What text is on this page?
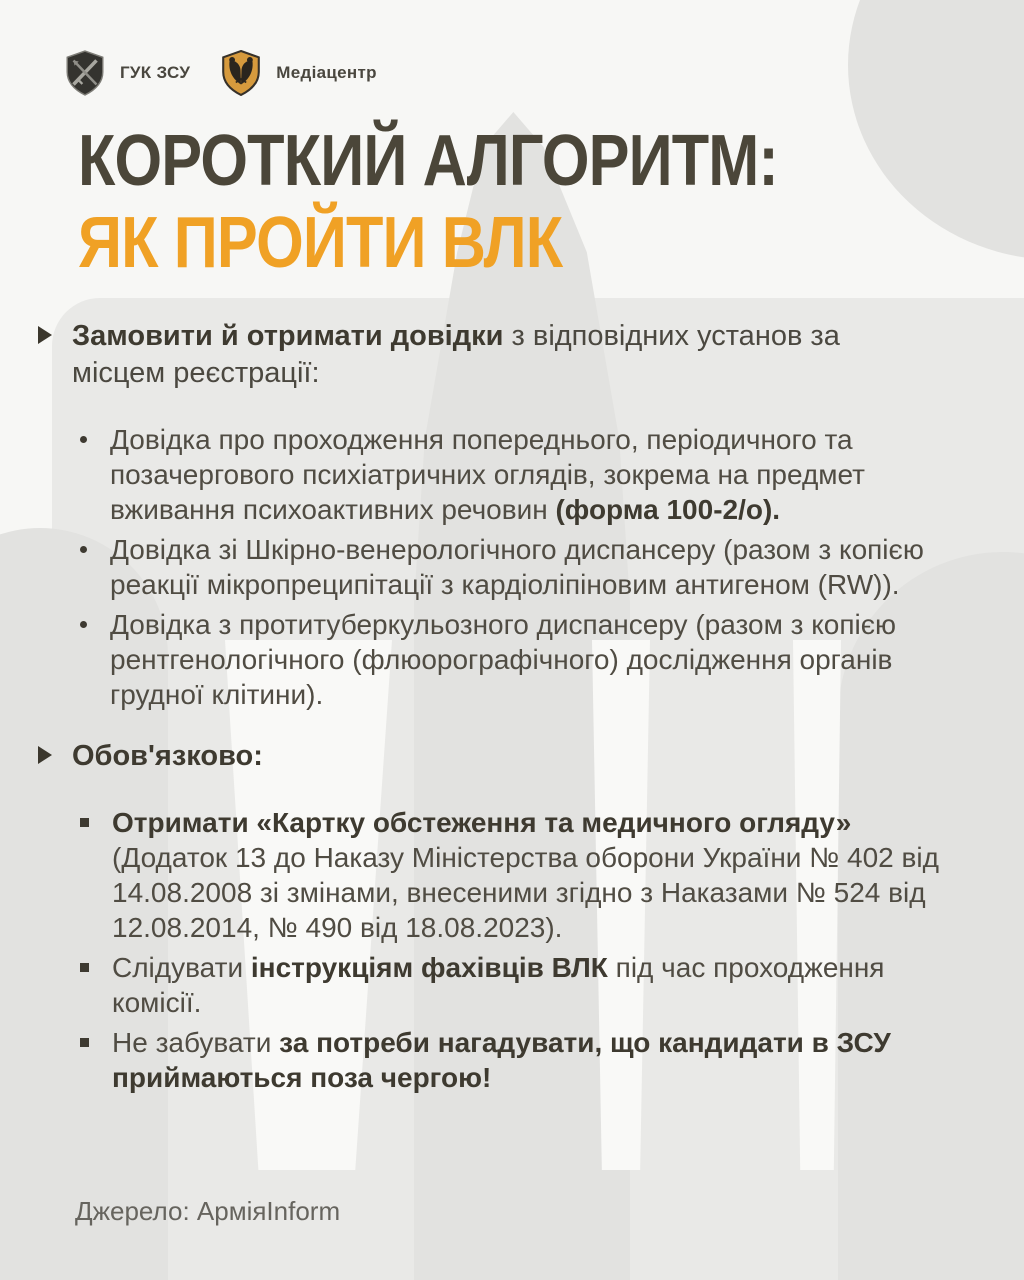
ГУК ЗСУ	Медіацентр
КОРОТКИЙ АЛГОРИТМ:
ЯК ПРОЙТИ ВЛК
Замовити й отримати довідки з відповідних установ за місцем реєстрації:
Довідка про проходження попереднього, періодичного та позачергового психіатричних оглядів, зокрема на предмет вживання психоактивних речовин (форма 100-2/о).
Довідка зі Шкірно-венерологічного диспансеру (разом з копією реакції мікропреципітації з кардіоліпіновим антигеном (RW)).
Довідка з протитуберкульозного диспансеру (разом з копією рентгенологічного (флюорографічного) дослідження органів грудної клітини).
Обов'язково:
Отримати «Картку обстеження та медичного огляду» (Додаток 13 до Наказу Міністерства оборони України № 402 від 14.08.2008 зі змінами, внесеними згідно з Наказами № 524 від 12.08.2014, № 490 від 18.08.2023).
Слідувати інструкціям фахівців ВЛК під час проходження комісії.
Не забувати за потреби нагадувати, що кандидати в ЗСУ приймаються поза чергою!
Джерело: АрміяInform
